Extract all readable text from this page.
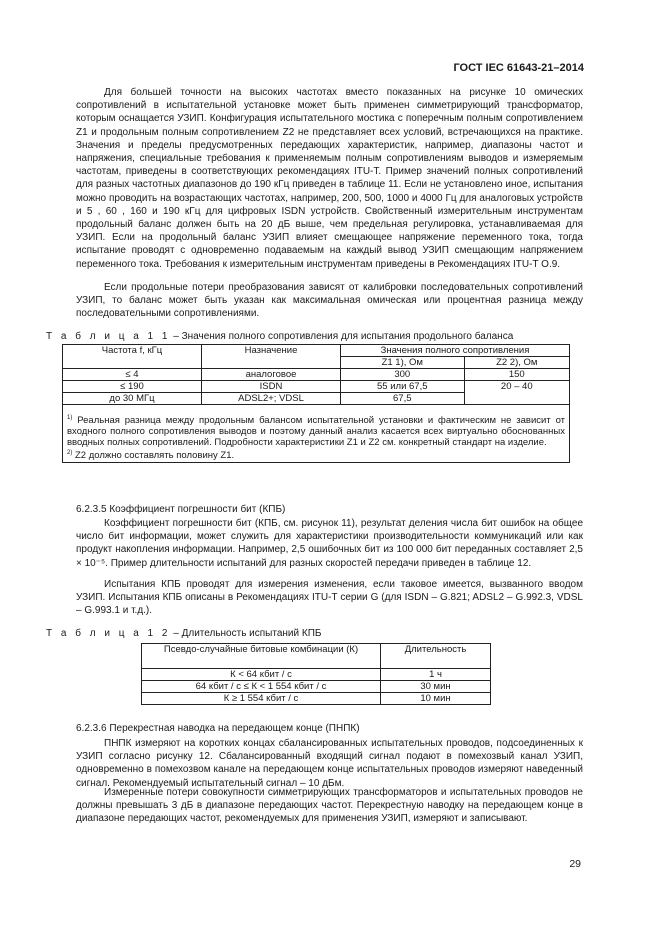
ГОСТ IEC 61643-21–2014

Для большей точности на высоких частотах вместо показанных на рисунке 10 омических сопротивлений в испытательной установке может быть применен симметрирующий трансформатор, которым оснащается УЗИП. Конфигурация испытательного мостика с поперечным полным сопротивлением Z1 и продольным полным сопротивлением Z2 не представляет всех условий, встречающихся на практике. Значения и пределы предусмотренных передающих характеристик, например, диапазоны частот и напряжения, специальные требования к применяемым полным сопротивлениям выводов и измеряемым частотам, приведены в соответствующих рекомендациях ITU-T. Пример значений полных сопротивлений для разных частотных диапазонов до 190 кГц приведен в таблице 11. Если не установлено иное, испытания можно проводить на возрастающих частотах, например, 200, 500, 1000 и 4000 Гц для аналоговых устройств и 5 , 60 , 160 и 190 кГц для цифровых ISDN устройств. Свойственный измерительным инструментам продольный баланс должен быть на 20 дБ выше, чем предельная регулировка, устанавливаемая для УЗИП. Если на продольный баланс УЗИП влияет смещающее напряжение переменного тока, тогда испытание проводят с одновременно подаваемым на каждый вывод УЗИП смещающим напряжением переменного тока. Требования к измерительным инструментам приведены в Рекомендациях ITU-T O.9.

Если продольные потери преобразования зависят от калибровки последовательных сопротивлений УЗИП, то баланс может быть указан как максимальная омическая или процентная разница между последовательными сопротивлениями.

Т а б л и ц а 1 1 – Значения полного сопротивления для испытания продольного баланса
Частота f, кГц	Назначение	Значения полного сопротивления	
		Z1 1), Ом	Z2 2), Ом
≤ 4	аналоговое	300	150
≤ 190	ISDN	55 или 67,5	20 – 40
до 30 МГц	ADSL2+; VDSL	67,5	

$^{1)}$ Реальная разница между продольным балансом испытательной установки и фактическим не зависит от входного полного сопротивления выводов и поэтому данный анализ касается всех виртуально обоснованных вводных полных сопротивлений. Подробности характеристики Z1 и Z2 см. конкретный стандарт на изделие.
$^{2)}$ Z2 должно составлять половину Z1.			

6.2.3.5 Коэффициент погрешности бит (КПБ)

Коэффициент погрешности бит (КПБ, см. рисунок 11), результат деления числа бит ошибок на общее число бит информации, может служить для характеристики производительности коммуникаций или как продукт накопления информации. Например, 2,5 ошибочных бит из 100 000 бит переданных составляет 2,5 × 10⁻⁵. Пример длительности испытаний для разных скоростей передачи приведен в таблице 12.

Испытания КПБ проводят для измерения изменения, если таковое имеется, вызванного вводом УЗИП. Испытания КПБ описаны в Рекомендациях ITU-T серии G (для ISDN – G.821; ADSL2 – G.992.3, VDSL – G.993.1 и т.д.).

Т а б л и ц а 1 2 – Длительность испытаний КПБ
Псевдо-случайные битовые комбинации (К)	Длительность
К < 64 кбит / с	1 ч
64 кбит / с ≤ К < 1 554 кбит / с	30 мин
К ≥ 1 554 кбит / с	10 мин

6.2.3.6 Перекрестная наводка на передающем конце (ПНПК)

ПНПК измеряют на коротких концах сбалансированных испытательных проводов, подсоединенных к УЗИП согласно рисунку 12. Сбалансированный входящий сигнал подают в помехозвый канал УЗИП, одновременно в помехозвом канале на передающем конце испытательных проводов измеряют наведенный сигнал. Рекомендуемый испытательный сигнал – 10 дБм.

Измеренные потери совокупности симметрирующих трансформаторов и испытательных проводов не должны превышать 3 дБ в диапазоне передающих частот. Перекрестную наводку на передающем конце в диапазоне передающих частот, рекомендуемых для применения УЗИП, измеряют и записывают.

29
